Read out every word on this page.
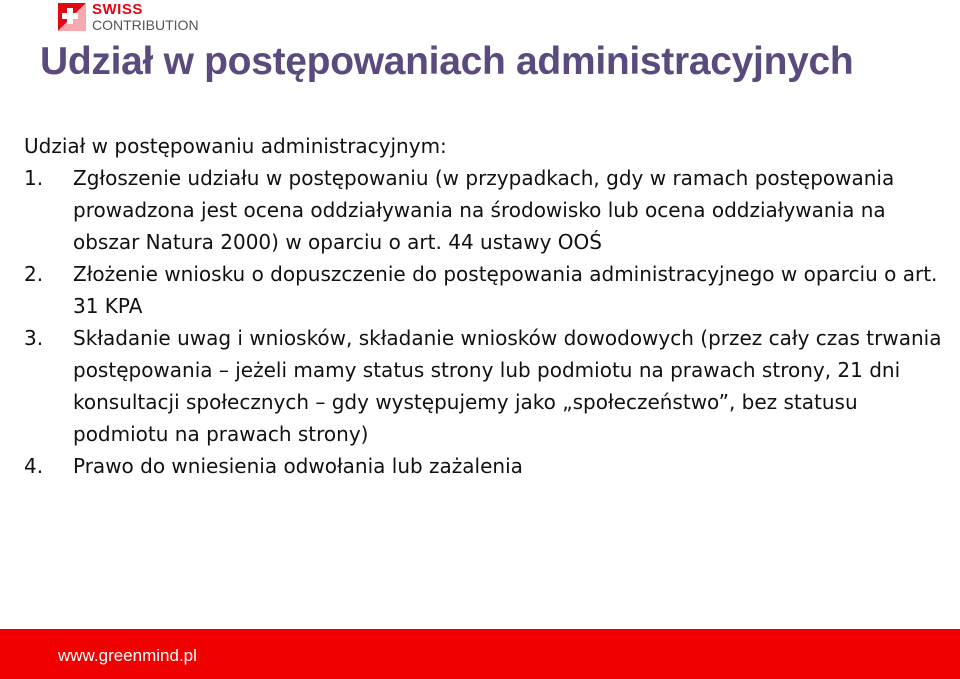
SWISS
CONTRIBUTION
Udział w postępowaniach administracyjnych
Udział w postępowaniu administracyjnym:
1.	Zgłoszenie udziału w postępowaniu (w przypadkach, gdy w ramach postępowania prowadzona jest ocena oddziaływania na środowisko lub ocena oddziaływania na obszar Natura 2000) w oparciu o art. 44 ustawy OOŚ
2.	Złożenie wniosku o dopuszczenie do postępowania administracyjnego w oparciu o art. 31 KPA
3.	Składanie uwag i wniosków, składanie wniosków dowodowych (przez cały czas trwania postępowania – jeżeli mamy status strony lub podmiotu na prawach strony, 21 dni konsultacji społecznych – gdy występujemy jako „społeczeństwo”, bez statusu podmiotu na prawach strony)
4.	Prawo do wniesienia odwołania lub zażalenia
www.greenmind.pl
